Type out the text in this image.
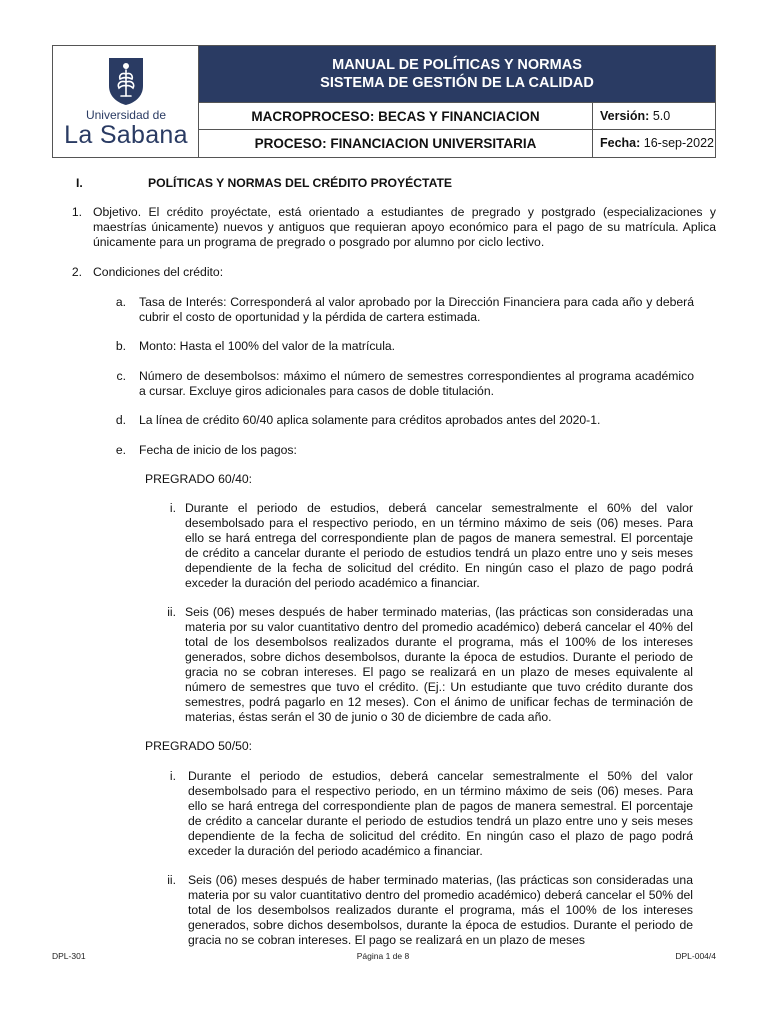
Universidad de
La Sabana
MANUAL DE POLÍTICAS Y NORMAS
SISTEMA DE GESTIÓN DE LA CALIDAD
MACROPROCESO: BECAS Y FINANCIACION	Versión: 5.0
PROCESO: FINANCIACION UNIVERSITARIA	Fecha: 16-sep-2022
I.	POLÍTICAS Y NORMAS DEL CRÉDITO PROYÉCTATE
1. Objetivo. El crédito proyéctate, está orientado a estudiantes de pregrado y postgrado (especializaciones y maestrías únicamente) nuevos y antiguos que requieran apoyo económico para el pago de su matrícula. Aplica únicamente para un programa de pregrado o posgrado por alumno por ciclo lectivo.
2. Condiciones del crédito:
a. Tasa de Interés: Corresponderá al valor aprobado por la Dirección Financiera para cada año y deberá cubrir el costo de oportunidad y la pérdida de cartera estimada.
b. Monto: Hasta el 100% del valor de la matrícula.
c. Número de desembolsos: máximo el número de semestres correspondientes al programa académico a cursar. Excluye giros adicionales para casos de doble titulación.
d. La línea de crédito 60/40 aplica solamente para créditos aprobados antes del 2020-1.
e. Fecha de inicio de los pagos:
PREGRADO 60/40:
i. Durante el periodo de estudios, deberá cancelar semestralmente el 60% del valor desembolsado para el respectivo periodo, en un término máximo de seis (06) meses. Para ello se hará entrega del correspondiente plan de pagos de manera semestral. El porcentaje de crédito a cancelar durante el periodo de estudios tendrá un plazo entre uno y seis meses dependiente de la fecha de solicitud del crédito. En ningún caso el plazo de pago podrá exceder la duración del periodo académico a financiar.
ii. Seis (06) meses después de haber terminado materias, (las prácticas son consideradas una materia por su valor cuantitativo dentro del promedio académico) deberá cancelar el 40% del total de los desembolsos realizados durante el programa, más el 100% de los intereses generados, sobre dichos desembolsos, durante la época de estudios. Durante el periodo de gracia no se cobran intereses. El pago se realizará en un plazo de meses equivalente al número de semestres que tuvo el crédito. (Ej.: Un estudiante que tuvo crédito durante dos semestres, podrá pagarlo en 12 meses). Con el ánimo de unificar fechas de terminación de materias, éstas serán el 30 de junio o 30 de diciembre de cada año.
PREGRADO 50/50:
i. Durante el periodo de estudios, deberá cancelar semestralmente el 50% del valor desembolsado para el respectivo periodo, en un término máximo de seis (06) meses. Para ello se hará entrega del correspondiente plan de pagos de manera semestral. El porcentaje de crédito a cancelar durante el periodo de estudios tendrá un plazo entre uno y seis meses dependiente de la fecha de solicitud del crédito. En ningún caso el plazo de pago podrá exceder la duración del periodo académico a financiar.
ii. Seis (06) meses después de haber terminado materias, (las prácticas son consideradas una materia por su valor cuantitativo dentro del promedio académico) deberá cancelar el 50% del total de los desembolsos realizados durante el programa, más el 100% de los intereses generados, sobre dichos desembolsos, durante la época de estudios. Durante el periodo de gracia no se cobran intereses. El pago se realizará en un plazo de meses
DPL-301	Página 1 de 8	DPL-004/4
